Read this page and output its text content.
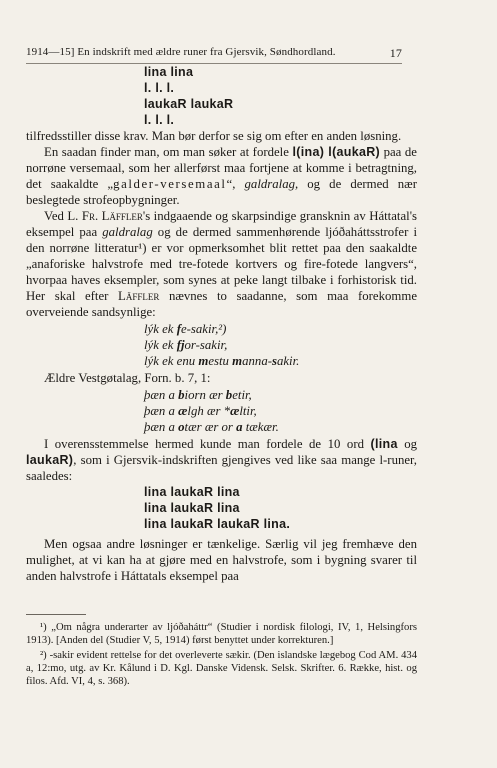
1914—15] En indskrift med ældre runer fra Gjersvik, Søndhordland.	17
lina lina
l. l. l.
laukaR laukaR
l. l. l.

tilfredsstiller disse krav. Man bør derfor se sig om efter en anden løsning.

En saadan finder man, om man søker at fordele l(ina) l(aukaR) paa de norrøne versemaal, som her allerførst maa fortjene at komme i betragtning, det saakaldte „galder-versemaal“, galdralag, og de dermed nær beslegtede strofeopbygninger.

Ved L. Fr. Läffler's indgaaende og skarpsindige gransknin av Háttatal's eksempel paa galdralag og de dermed sammenhørende ljóðaháttsstrofer i den norrøne litteratur¹) er vor opmerksomhet blit rettet paa den saakaldte „anaforiske halvstrofe med tre-fotede kortvers og fire-fotede langvers“, hvorpaa haves eksempler, som synes at peke langt tilbake i forhistorisk tid. Her skal efter Läffler nævnes to saadanne, som maa forekomme overveiende sandsynlige:

lýk ek fe-sakir,²)
lýk ek fjor-sakir,
lýk ek enu mestu manna-sakir.

Ældre Vestgøtalag, Forn. b. 7, 1:

þæn a biorn ær betir,
þæn a ælgh ær *æltir,
þæn a otær ær or a tækær.

I overensstemmelse hermed kunde man fordele de 10 ord (lina og laukaR), som i Gjersvik-indskriften gjengives ved like saa mange l-runer, saaledes:

lina laukaR lina
lina laukaR lina
lina laukaR laukaR lina.

Men ogsaa andre løsninger er tænkelige. Særlig vil jeg fremhæve den mulighet, at vi kan ha at gjøre med en halvstrofe, som i bygning svarer til anden halvstrofe i Háttatals eksempel paa

¹) „Om några underarter av ljóðaháttr“ (Studier i nordisk filologi, IV, 1, Helsingfors 1913). [Anden del (Studier V, 5, 1914) først benyttet under korrekturen.]

²) -sakir evident rettelse for det overleverte sækir. (Den islandske lægebog Cod AM. 434 a, 12:mo, utg. av Kr. Kålund i D. Kgl. Danske Vidensk. Selsk. Skrifter. 6. Række, hist. og filos. Afd. VI, 4, s. 368).
